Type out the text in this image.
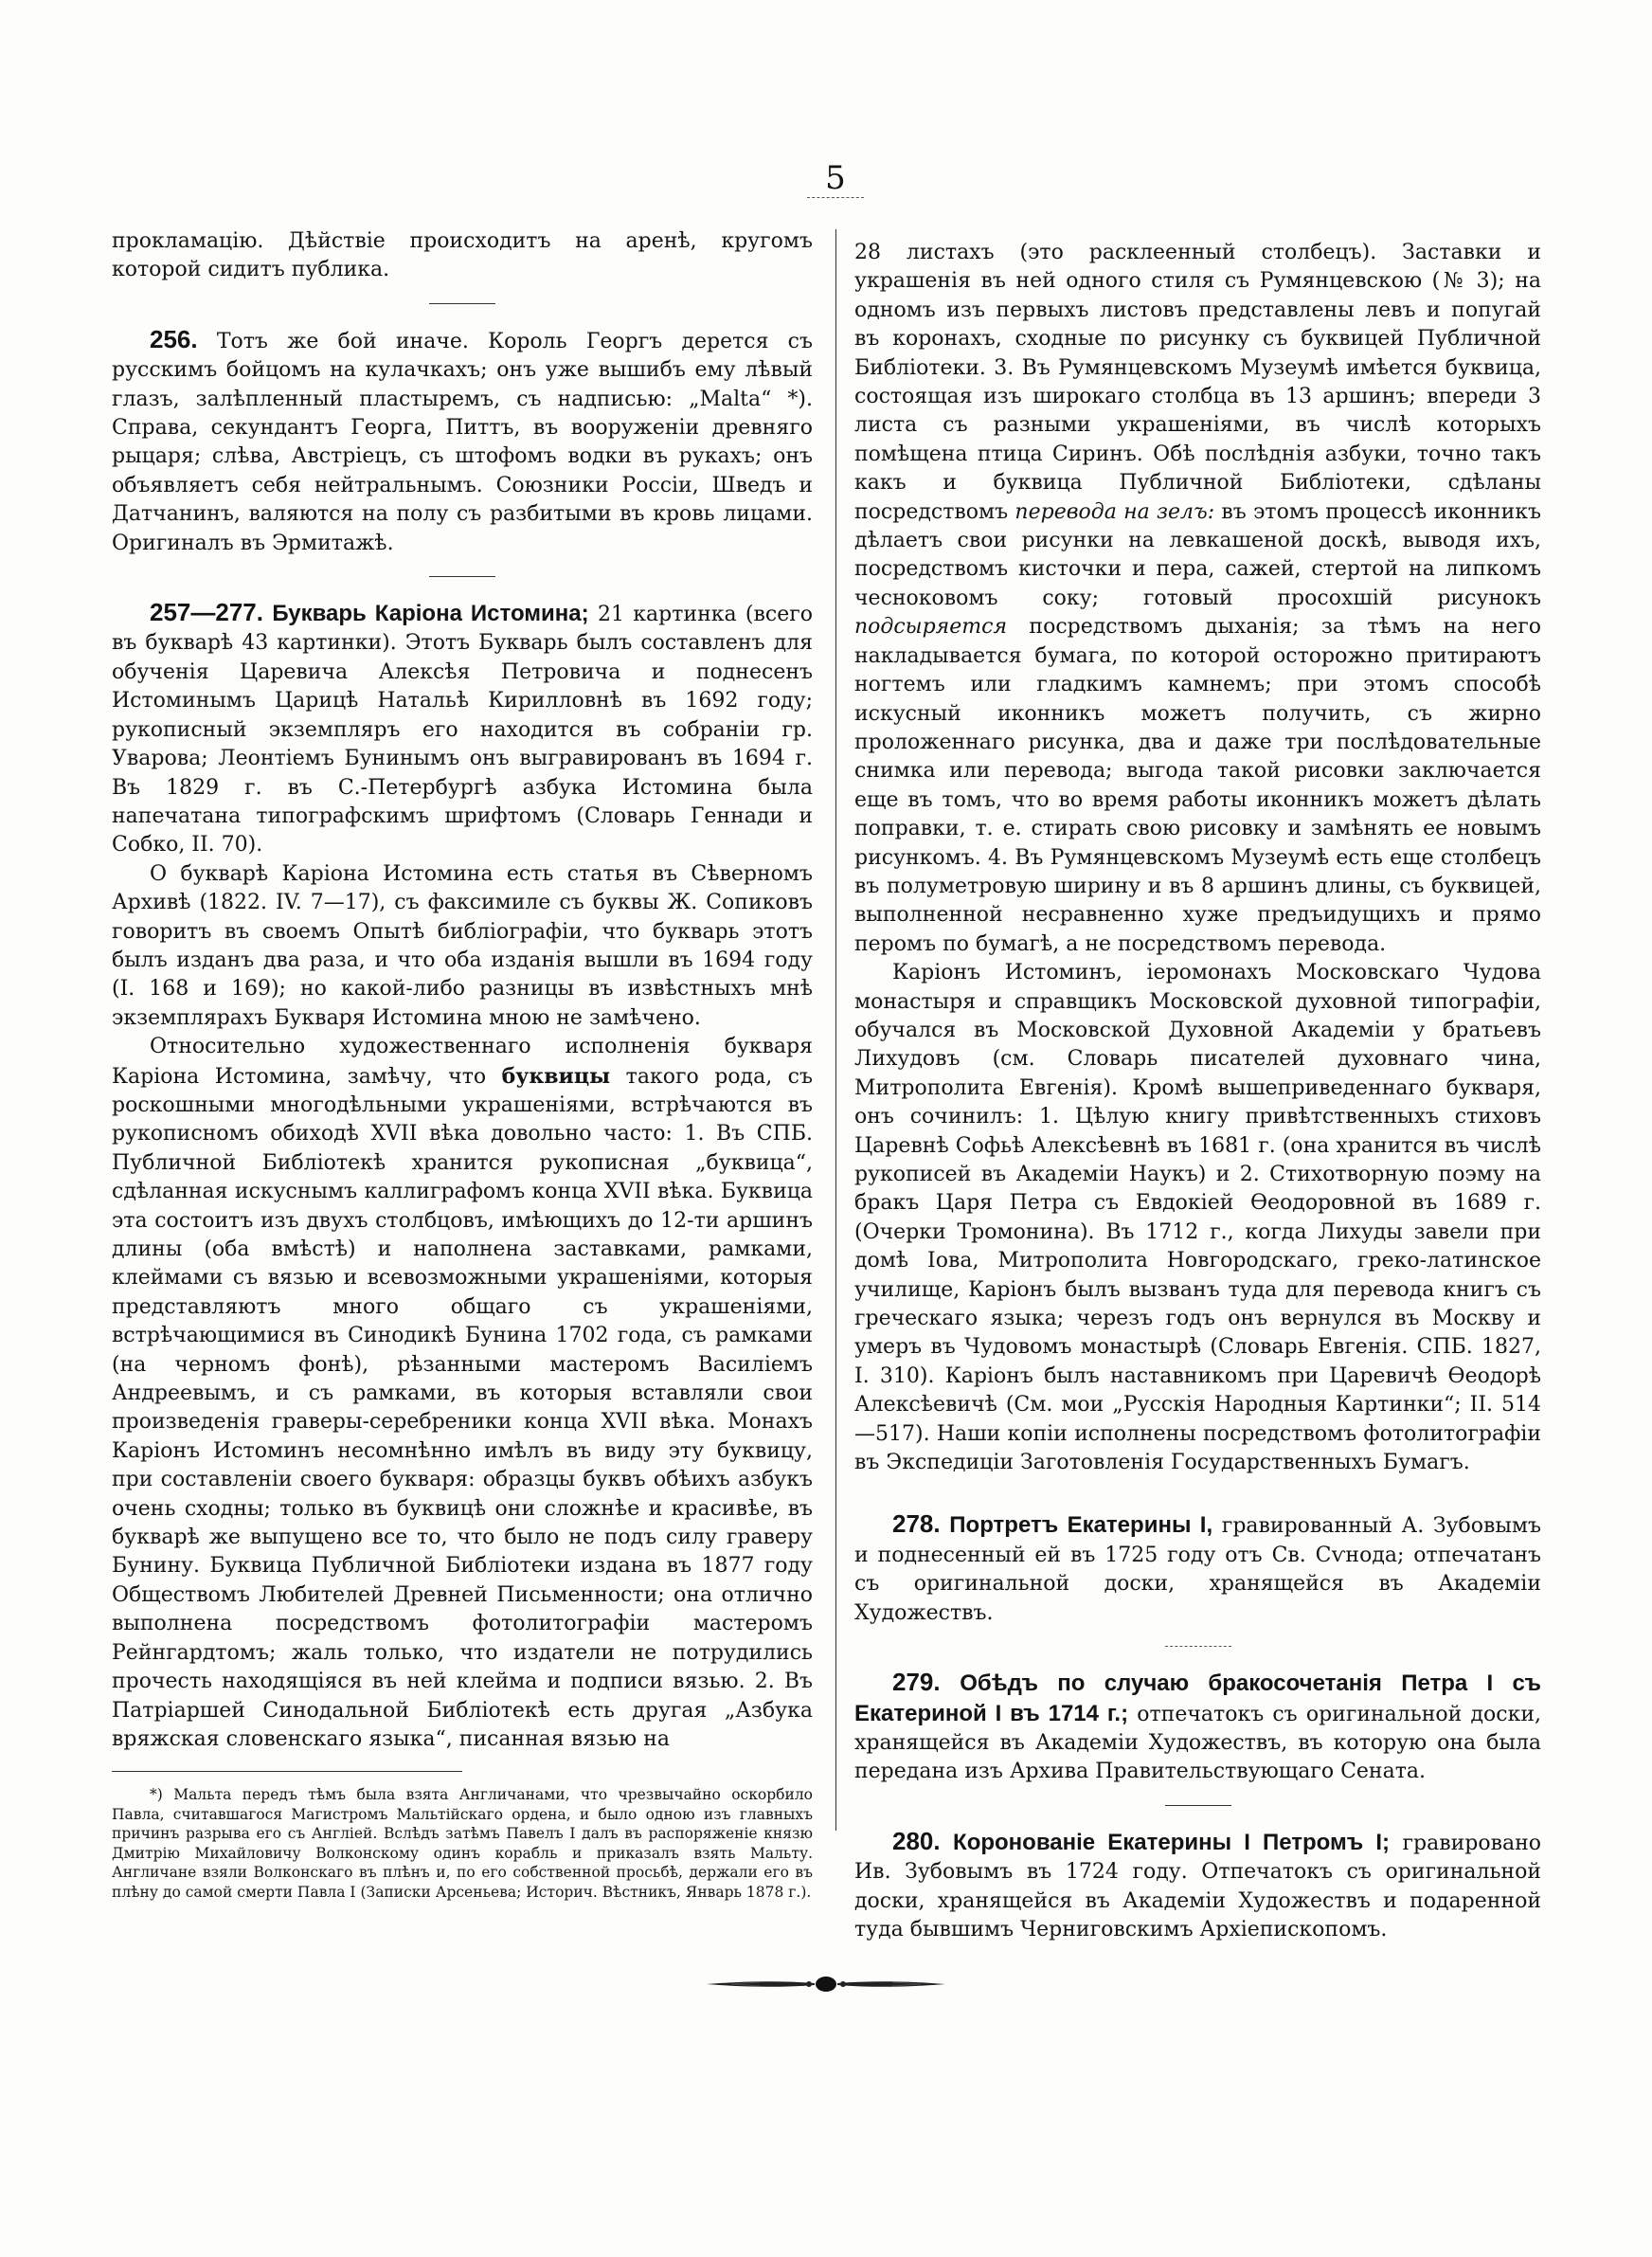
5

прокламацію. Дѣйствіе происходитъ на аренѣ, кругомъ которой сидитъ публика.

256. Тотъ же бой иначе. Король Георгъ дерется съ русскимъ бойцомъ на кулачкахъ; онъ уже вышибъ ему лѣвый глазъ, залѣпленный пластыремъ, съ надписью: „Malta“ *). Справа, секундантъ Георга, Питтъ, въ вооруженіи древняго рыцаря; слѣва, Австріецъ, съ штофомъ водки въ рукахъ; онъ объявляетъ себя нейтральнымъ. Союзники Россіи, Шведъ и Датчанинъ, валяются на полу съ разбитыми въ кровь лицами. Оригиналъ въ Эрмитажѣ.

257—277. Букварь Каріона Истомина; 21 картинка (всего въ букварѣ 43 картинки). Этотъ Букварь былъ составленъ для обученія Царевича Алексѣя Петровича и поднесенъ Истоминымъ Царицѣ Натальѣ Кирилловнѣ въ 1692 году; рукописный экземпляръ его находится въ собраніи гр. Уварова; Леонтіемъ Бунинымъ онъ выгравированъ въ 1694 г. Въ 1829 г. въ С.-Петербургѣ азбука Истомина была напечатана типографскимъ шрифтомъ (Словарь Геннади и Собко, II. 70).

О букварѣ Каріона Истомина есть статья въ Сѣверномъ Архивѣ (1822. IV. 7—17), съ факсимиле съ буквы Ж. Сопиковъ говоритъ въ своемъ Опытѣ библіографіи, что букварь этотъ былъ изданъ два раза, и что оба изданія вышли въ 1694 году (I. 168 и 169); но какой-либо разницы въ извѣстныхъ мнѣ экземплярахъ Букваря Истомина мною не замѣчено.

Относительно художественнаго исполненія букваря Каріона Истомина, замѣчу, что буквицы такого рода, съ роскошными многодѣльными украшеніями, встрѣчаются въ рукописномъ обиходѣ XVII вѣка довольно часто: 1. Въ СПБ. Публичной Библіотекѣ хранится рукописная „буквица“, сдѣланная искуснымъ каллиграфомъ конца XVII вѣка. Буквица эта состоитъ изъ двухъ столбцовъ, имѣющихъ до 12-ти аршинъ длины (оба вмѣстѣ) и наполнена заставками, рамками, клеймами съ вязью и всевозможными украшеніями, которыя представляютъ много общаго съ украшеніями, встрѣчающимися въ Синодикѣ Бунина 1702 года, съ рамками (на черномъ фонѣ), рѣзанными мастеромъ Василіемъ Андреевымъ, и съ рамками, въ которыя вставляли свои произведенія граверы-серебреники конца XVII вѣка. Монахъ Каріонъ Истоминъ несомнѣнно имѣлъ въ виду эту буквицу, при составленіи своего букваря: образцы буквъ обѣихъ азбукъ очень сходны; только въ буквицѣ они сложнѣе и красивѣе, въ букварѣ же выпущено все то, что было не подъ силу граверу Бунину. Буквица Публичной Библіотеки издана въ 1877 году Обществомъ Любителей Древней Письменности; она отлично выполнена посредствомъ фотолитографіи мастеромъ Рейнгардтомъ; жаль только, что издатели не потрудились прочесть находящіяся въ ней клейма и подписи вязью. 2. Въ Патріаршей Синодальной Библіотекѣ есть другая „Азбука вряжская словенскаго языка“, писанная вязью на

*) Мальта передъ тѣмъ была взята Англичанами, что чрезвычайно оскорбило Павла, считавшагося Магистромъ Мальтійскаго ордена, и было одною изъ главныхъ причинъ разрыва его съ Англіей. Вслѣдъ затѣмъ Павелъ I далъ въ распоряженіе князю Дмитрію Михайловичу Волконскому одинъ корабль и приказалъ взять Мальту. Англичане взяли Волконскаго въ плѣнъ и, по его собственной просьбѣ, держали его въ плѣну до самой смерти Павла I (Записки Арсеньева; Историч. Вѣстникъ, Январь 1878 г.).

28 листахъ (это расклеенный столбецъ). Заставки и украшенія въ ней одного стиля съ Румянцевскою (№ 3); на одномъ изъ первыхъ листовъ представлены левъ и попугай въ коронахъ, сходные по рисунку съ буквицей Публичной Библіотеки. 3. Въ Румянцевскомъ Музеумѣ имѣется буквица, состоящая изъ широкаго столбца въ 13 аршинъ; впереди 3 листа съ разными украшеніями, въ числѣ которыхъ помѣщена птица Сиринъ. Обѣ послѣднія азбуки, точно такъ какъ и буквица Публичной Библіотеки, сдѣланы посредствомъ перевода на зелъ: въ этомъ процессѣ иконникъ дѣлаетъ свои рисунки на левкашеной доскѣ, выводя ихъ, посредствомъ кисточки и пера, сажей, стертой на липкомъ чесноковомъ соку; готовый просохшій рисунокъ подсыряется посредствомъ дыханія; за тѣмъ на него накладывается бумага, по которой осторожно притираютъ ногтемъ или гладкимъ камнемъ; при этомъ способѣ искусный иконникъ можетъ получить, съ жирно проложеннаго рисунка, два и даже три послѣдовательные снимка или перевода; выгода такой рисовки заключается еще въ томъ, что во время работы иконникъ можетъ дѣлать поправки, т. е. стирать свою рисовку и замѣнять ее новымъ рисункомъ. 4. Въ Румянцевскомъ Музеумѣ есть еще столбецъ въ полуметровую ширину и въ 8 аршинъ длины, съ буквицей, выполненной несравненно хуже предъидущихъ и прямо перомъ по бумагѣ, а не посредствомъ перевода.

Каріонъ Истоминъ, іеромонахъ Московскаго Чудова монастыря и справщикъ Московской духовной типографіи, обучался въ Московской Духовной Академіи у братьевъ Лихудовъ (см. Словарь писателей духовнаго чина, Митрополита Евгенія). Кромѣ вышеприведеннаго букваря, онъ сочинилъ: 1. Цѣлую книгу привѣтственныхъ стиховъ Царевнѣ Софьѣ Алексѣевнѣ въ 1681 г. (она хранится въ числѣ рукописей въ Академіи Наукъ) и 2. Стихотворную поэму на бракъ Царя Петра съ Евдокіей Ѳеодоровной въ 1689 г. (Очерки Тромонина). Въ 1712 г., когда Лихуды завели при домѣ Іова, Митрополита Новгородскаго, греко-латинское училище, Каріонъ былъ вызванъ туда для перевода книгъ съ греческаго языка; черезъ годъ онъ вернулся въ Москву и умеръ въ Чудовомъ монастырѣ (Словарь Евгенія. СПБ. 1827, I. 310). Каріонъ былъ наставникомъ при Царевичѣ Ѳеодорѣ Алексѣевичѣ (См. мои „Русскія Народныя Картинки“; II. 514—517). Наши копіи исполнены посредствомъ фотолитографіи въ Экспедиціи Заготовленія Государственныхъ Бумагъ.

278. Портретъ Екатерины I, гравированный А. Зубовымъ и поднесенный ей въ 1725 году отъ Св. Сѵнода; отпечатанъ съ оригинальной доски, хранящейся въ Академіи Художествъ.

279. Обѣдъ по случаю бракосочетанія Петра I съ Екатериной I въ 1714 г.; отпечатокъ съ оригинальной доски, хранящейся въ Академіи Художествъ, въ которую она была передана изъ Архива Правительствующаго Сената.

280. Коронованіе Екатерины I Петромъ I; гравировано Ив. Зубовымъ въ 1724 году. Отпечатокъ съ оригинальной доски, хранящейся въ Академіи Художествъ и подаренной туда бывшимъ Черниговскимъ Архіепископомъ.
